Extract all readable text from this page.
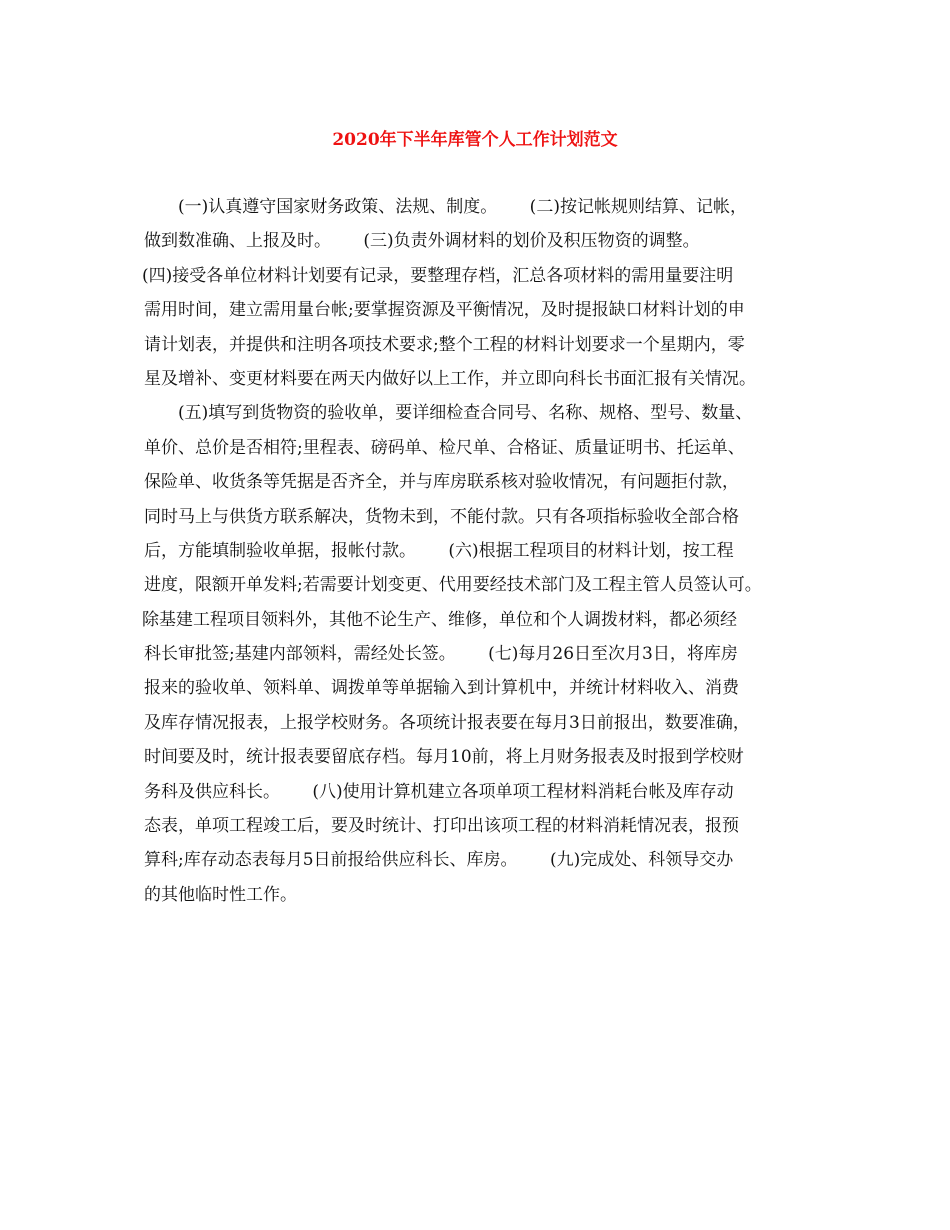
2020年下半年库管个人工作计划范文
(一)认真遵守国家财务政策、法规、制度。      (二)按记帐规则结算、记帐，
做到数准确、上报及时。      (三)负责外调材料的划价及积压物资的调整。
(四)接受各单位材料计划要有记录，要整理存档，汇总各项材料的需用量要注明
需用时间，建立需用量台帐;要掌握资源及平衡情况，及时提报缺口材料计划的申
请计划表，并提供和注明各项技术要求;整个工程的材料计划要求一个星期内，零
星及增补、变更材料要在两天内做好以上工作，并立即向科长书面汇报有关情况。
(五)填写到货物资的验收单，要详细检查合同号、名称、规格、型号、数量、
单价、总价是否相符;里程表、磅码单、检尺单、合格证、质量证明书、托运单、
保险单、收货条等凭据是否齐全，并与库房联系核对验收情况，有问题拒付款，
同时马上与供货方联系解决，货物未到，不能付款。只有各项指标验收全部合格
后，方能填制验收单据，报帐付款。      (六)根据工程项目的材料计划，按工程
进度，限额开单发料;若需要计划变更、代用要经技术部门及工程主管人员签认可。
除基建工程项目领料外，其他不论生产、维修，单位和个人调拨材料，都必须经
科长审批签;基建内部领料，需经处长签。      (七)每月26日至次月3日，将库房
报来的验收单、领料单、调拨单等单据输入到计算机中，并统计材料收入、消费
及库存情况报表，上报学校财务。各项统计报表要在每月3日前报出，数要准确，
时间要及时，统计报表要留底存档。每月10前，将上月财务报表及时报到学校财
务科及供应科长。      (八)使用计算机建立各项单项工程材料消耗台帐及库存动
态表，单项工程竣工后，要及时统计、打印出该项工程的材料消耗情况表，报预
算科;库存动态表每月5日前报给供应科长、库房。      (九)完成处、科领导交办
的其他临时性工作。
